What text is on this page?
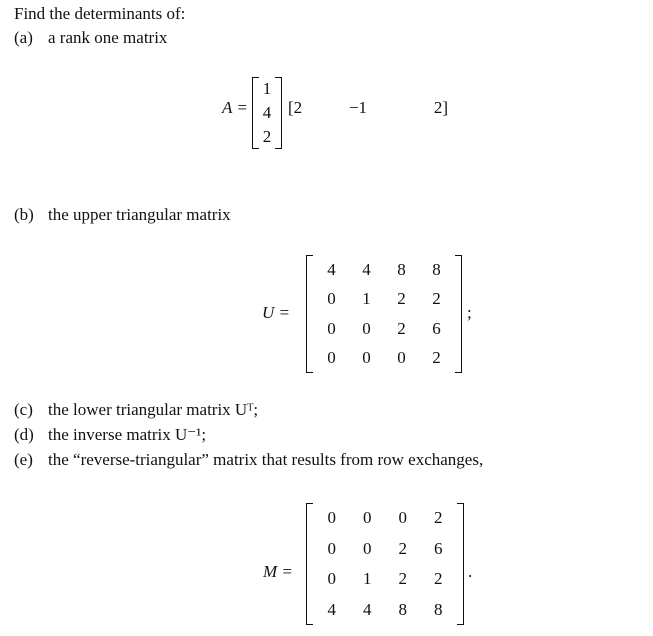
Find the determinants of:
(a) a rank one matrix
A =
1
4
2
[2	−1	2]
(b) the upper triangular matrix
U =
4 4 8 8
0 1 2 2
0 0 2 6
0 0 0 2
;
(c) the lower triangular matrix Uᵀ;
(d) the inverse matrix U⁻¹;
(e) the “reverse-triangular” matrix that results from row exchanges,
M =
0 0 0 2
0 0 2 6
0 1 2 2
4 4 8 8
.
